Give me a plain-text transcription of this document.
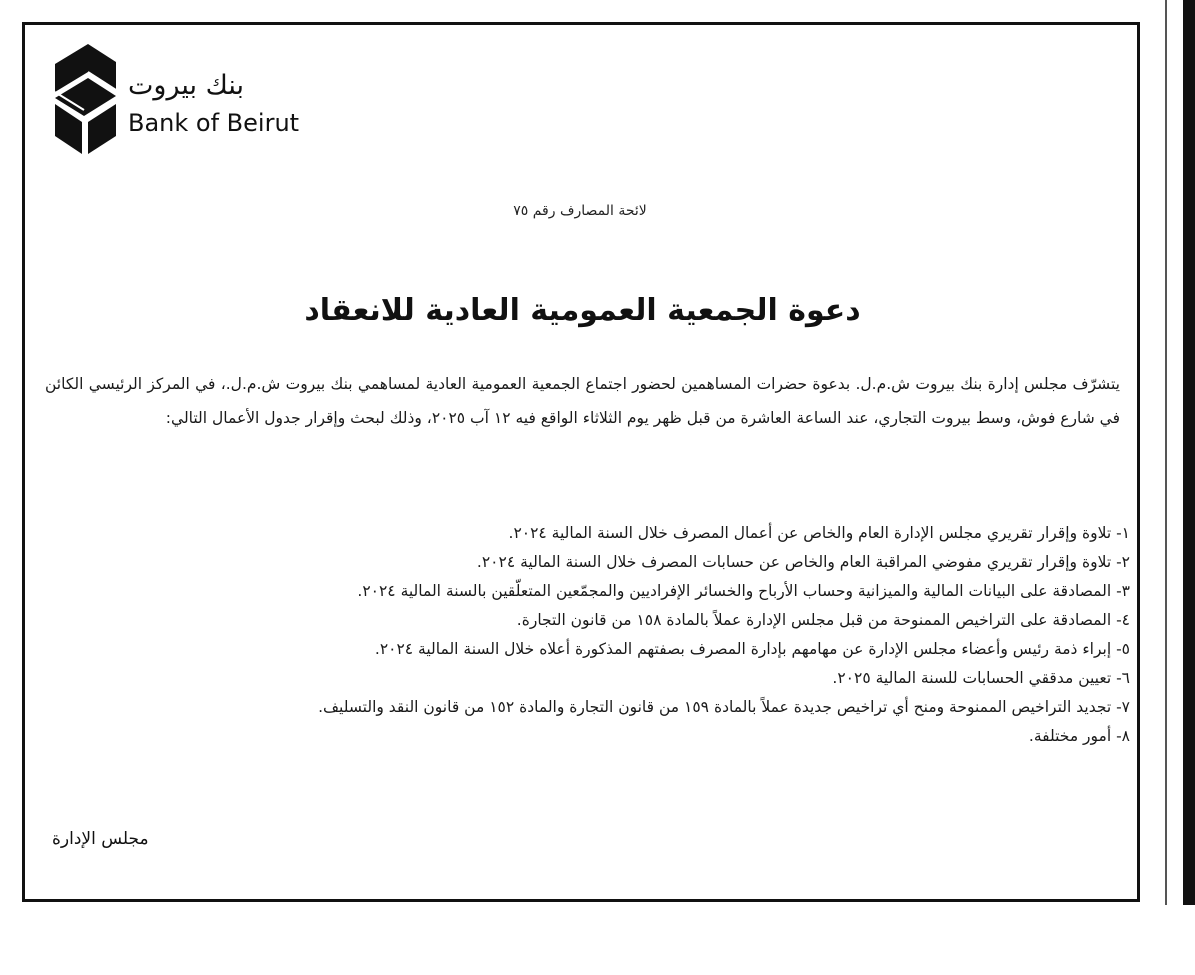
بنك بيروت
Bank of Beirut
لائحة المصارف رقم ٧٥
دعوة الجمعية العمومية العادية للانعقاد
يتشرّف مجلس إدارة بنك بيروت ش.م.ل. بدعوة حضرات المساهمين لحضور اجتماع الجمعية العمومية العادية لمساهمي بنك بيروت ش.م.ل.، في المركز الرئيسي الكائن في شارع فوش، وسط بيروت التجاري، عند الساعة العاشرة من قبل ظهر يوم الثلاثاء الواقع فيه ١٢ آب ٢٠٢٥، وذلك لبحث وإقرار جدول الأعمال التالي:
١- تلاوة وإقرار تقريري مجلس الإدارة العام والخاص عن أعمال المصرف خلال السنة المالية ٢٠٢٤.
٢- تلاوة وإقرار تقريري مفوضي المراقبة العام والخاص عن حسابات المصرف خلال السنة المالية ٢٠٢٤.
٣- المصادقة على البيانات المالية والميزانية وحساب الأرباح والخسائر الإفراديين والمجمّعين المتعلّقين بالسنة المالية ٢٠٢٤.
٤- المصادقة على التراخيص الممنوحة من قبل مجلس الإدارة عملاً بالمادة ١٥٨ من قانون التجارة.
٥- إبراء ذمة رئيس وأعضاء مجلس الإدارة عن مهامهم بإدارة المصرف بصفتهم المذكورة أعلاه خلال السنة المالية ٢٠٢٤.
٦- تعيين مدققي الحسابات للسنة المالية ٢٠٢٥.
٧- تجديد التراخيص الممنوحة ومنح أي تراخيص جديدة عملاً بالمادة ١٥٩ من قانون التجارة والمادة ١٥٢ من قانون النقد والتسليف.
٨- أمور مختلفة.
مجلس الإدارة
